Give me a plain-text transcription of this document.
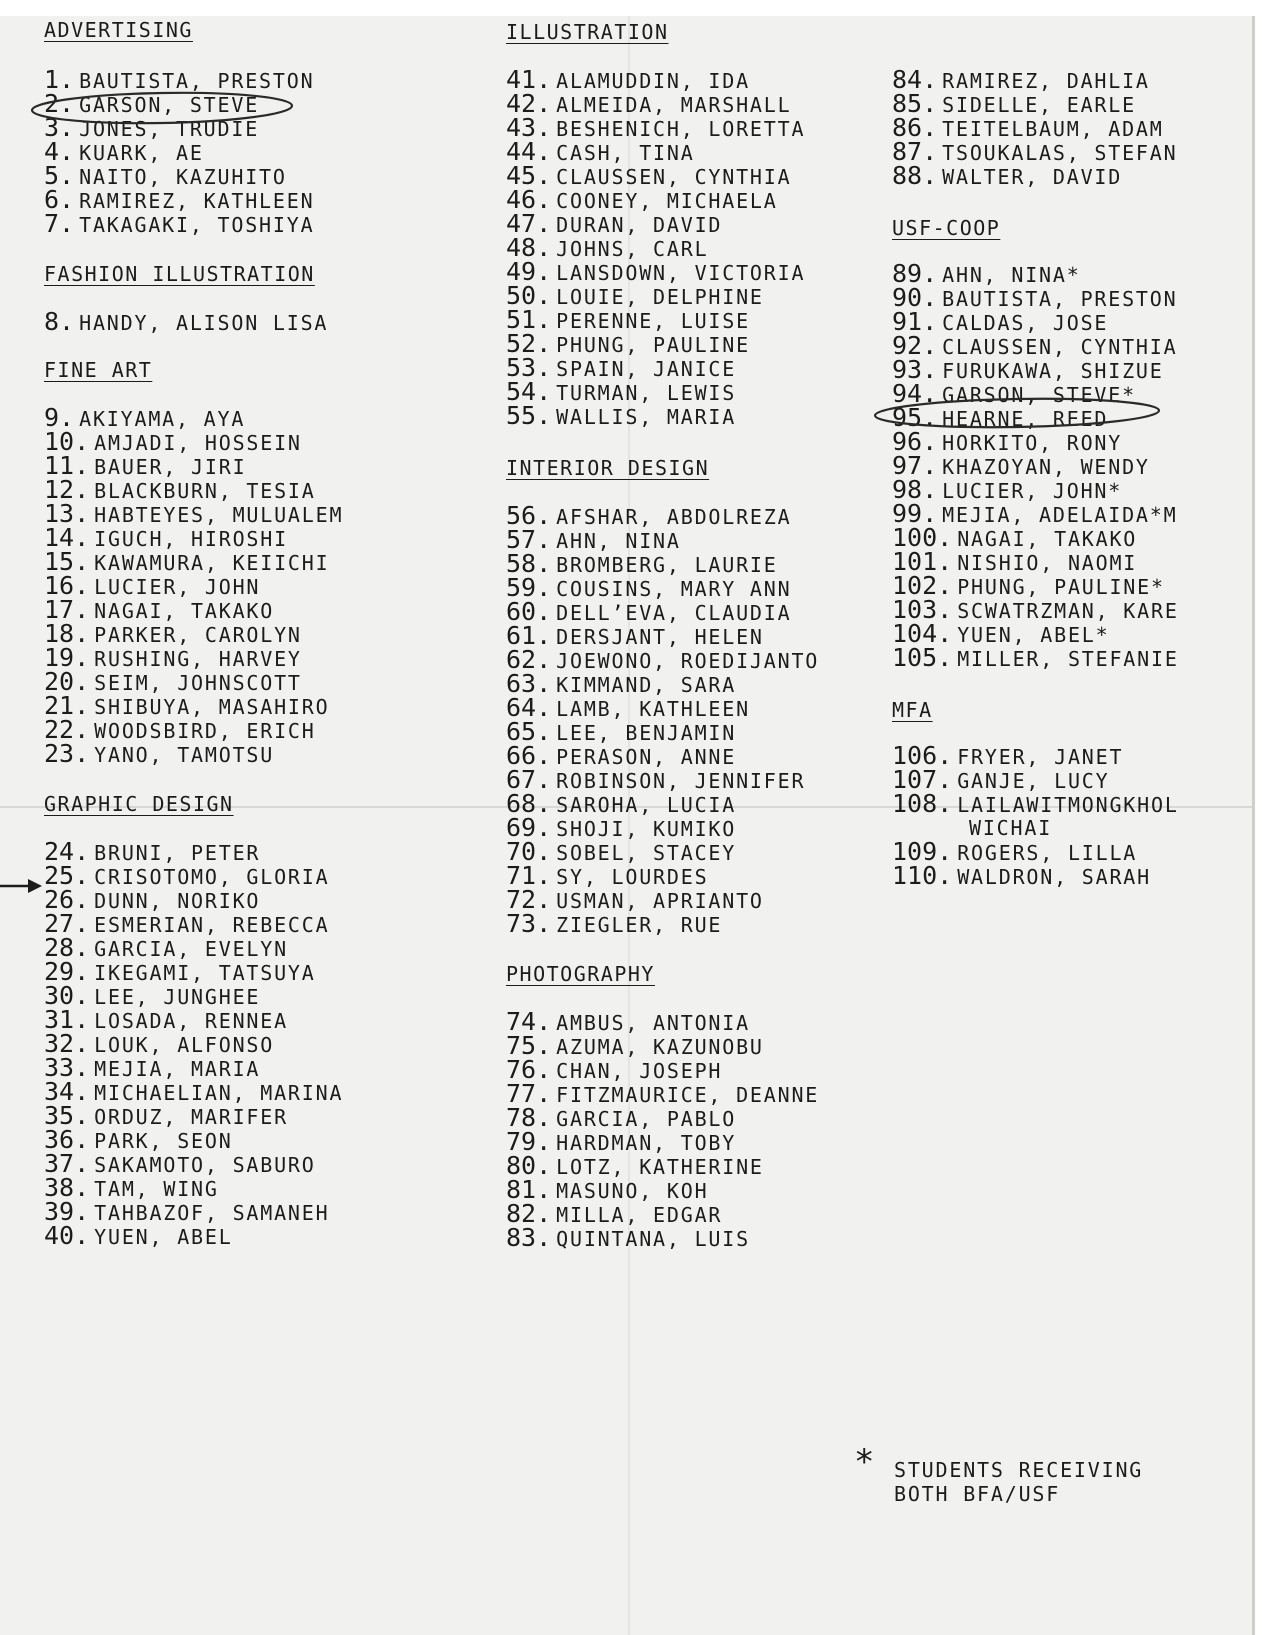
ADVERTISING
1. BAUTISTA, PRESTON
2. GARSON, STEVE
3. JONES, TRUDIE
4. KUARK, AE
5. NAITO, KAZUHITO
6. RAMIREZ, KATHLEEN
7. TAKAGAKI, TOSHIYA
FASHION ILLUSTRATION
8. HANDY, ALISON LISA
FINE ART
9. AKIYAMA, AYA
10. AMJADI, HOSSEIN
11. BAUER, JIRI
12. BLACKBURN, TESIA
13. HABTEYES, MULUALEM
14. IGUCH, HIROSHI
15. KAWAMURA, KEIICHI
16. LUCIER, JOHN
17. NAGAI, TAKAKO
18. PARKER, CAROLYN
19. RUSHING, HARVEY
20. SEIM, JOHNSCOTT
21. SHIBUYA, MASAHIRO
22. WOODSBIRD, ERICH
23. YANO, TAMOTSU
GRAPHIC DESIGN
24. BRUNI, PETER
25. CRISOTOMO, GLORIA
26. DUNN, NORIKO
27. ESMERIAN, REBECCA
28. GARCIA, EVELYN
29. IKEGAMI, TATSUYA
30. LEE, JUNGHEE
31. LOSADA, RENNEA
32. LOUK, ALFONSO
33. MEJIA, MARIA
34. MICHAELIAN, MARINA
35. ORDUZ, MARIFER
36. PARK, SEON
37. SAKAMOTO, SABURO
38. TAM, WING
39. TAHBAZOF, SAMANEH
40. YUEN, ABEL
ILLUSTRATION
41. ALAMUDDIN, IDA
42. ALMEIDA, MARSHALL
43. BESHENICH, LORETTA
44. CASH, TINA
45. CLAUSSEN, CYNTHIA
46. COONEY, MICHAELA
47. DURAN, DAVID
48. JOHNS, CARL
49. LANSDOWN, VICTORIA
50. LOUIE, DELPHINE
51. PERENNE, LUISE
52. PHUNG, PAULINE
53. SPAIN, JANICE
54. TURMAN, LEWIS
55. WALLIS, MARIA
INTERIOR DESIGN
56. AFSHAR, ABDOLREZA
57. AHN, NINA
58. BROMBERG, LAURIE
59. COUSINS, MARY ANN
60. DELL’EVA, CLAUDIA
61. DERSJANT, HELEN
62. JOEWONO, ROEDIJANTO
63. KIMMAND, SARA
64. LAMB, KATHLEEN
65. LEE, BENJAMIN
66. PERASON, ANNE
67. ROBINSON, JENNIFER
68. SAROHA, LUCIA
69. SHOJI, KUMIKO
70. SOBEL, STACEY
71. SY, LOURDES
72. USMAN, APRIANTO
73. ZIEGLER, RUE
PHOTOGRAPHY
74. AMBUS, ANTONIA
75. AZUMA, KAZUNOBU
76. CHAN, JOSEPH
77. FITZMAURICE, DEANNE
78. GARCIA, PABLO
79. HARDMAN, TOBY
80. LOTZ, KATHERINE
81. MASUNO, KOH
82. MILLA, EDGAR
83. QUINTANA, LUIS
84. RAMIREZ, DAHLIA
85. SIDELLE, EARLE
86. TEITELBAUM, ADAM
87. TSOUKALAS, STEFAN
88. WALTER, DAVID
USF-COOP
89. AHN, NINA*
90. BAUTISTA, PRESTON
91. CALDAS, JOSE
92. CLAUSSEN, CYNTHIA
93. FURUKAWA, SHIZUE
94. GARSON, STEVE*
95. HEARNE, REED
96. HORKITO, RONY
97. KHAZOYAN, WENDY
98. LUCIER, JOHN*
99. MEJIA, ADELAIDA*M
100. NAGAI, TAKAKO
101. NISHIO, NAOMI
102. PHUNG, PAULINE*
103. SCWATRZMAN, KARE
104. YUEN, ABEL*
105. MILLER, STEFANIE
MFA
106. FRYER, JANET
107. GANJE, LUCY
108. LAILAWITMONGKHOL
WICHAI
109. ROGERS, LILLA
110. WALDRON, SARAH
* STUDENTS RECEIVING
BOTH BFA/USF
